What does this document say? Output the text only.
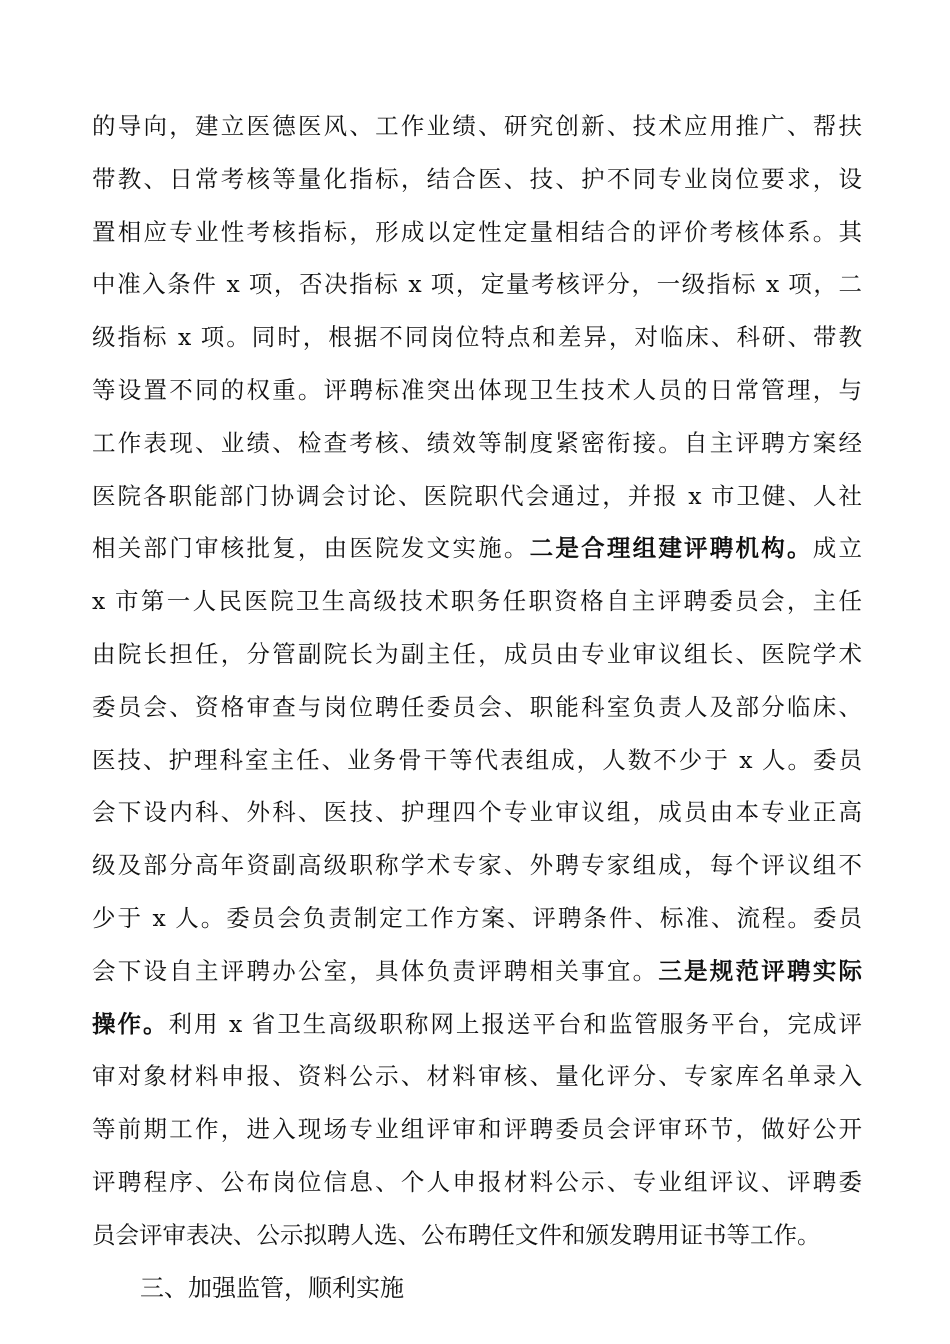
的导向，建立医德医风、工作业绩、研究创新、技术应用推广、帮扶
带教、日常考核等量化指标，结合医、技、护不同专业岗位要求，设
置相应专业性考核指标，形成以定性定量相结合的评价考核体系。其
中准入条件 x 项，否决指标 x 项，定量考核评分，一级指标 x 项，二
级指标 x 项。同时，根据不同岗位特点和差异，对临床、科研、带教
等设置不同的权重。评聘标准突出体现卫生技术人员的日常管理，与
工作表现、业绩、检查考核、绩效等制度紧密衔接。自主评聘方案经
医院各职能部门协调会讨论、医院职代会通过，并报 x 市卫健、人社
相关部门审核批复，由医院发文实施。二是合理组建评聘机构。成立
x 市第一人民医院卫生高级技术职务任职资格自主评聘委员会，主任
由院长担任，分管副院长为副主任，成员由专业审议组长、医院学术
委员会、资格审查与岗位聘任委员会、职能科室负责人及部分临床、
医技、护理科室主任、业务骨干等代表组成，人数不少于 x 人。委员
会下设内科、外科、医技、护理四个专业审议组，成员由本专业正高
级及部分高年资副高级职称学术专家、外聘专家组成，每个评议组不
少于 x 人。委员会负责制定工作方案、评聘条件、标准、流程。委员
会下设自主评聘办公室，具体负责评聘相关事宜。三是规范评聘实际
操作。利用 x 省卫生高级职称网上报送平台和监管服务平台，完成评
审对象材料申报、资料公示、材料审核、量化评分、专家库名单录入
等前期工作，进入现场专业组评审和评聘委员会评审环节，做好公开
评聘程序、公布岗位信息、个人申报材料公示、专业组评议、评聘委
员会评审表决、公示拟聘人选、公布聘任文件和颁发聘用证书等工作。
三、加强监管，顺利实施
